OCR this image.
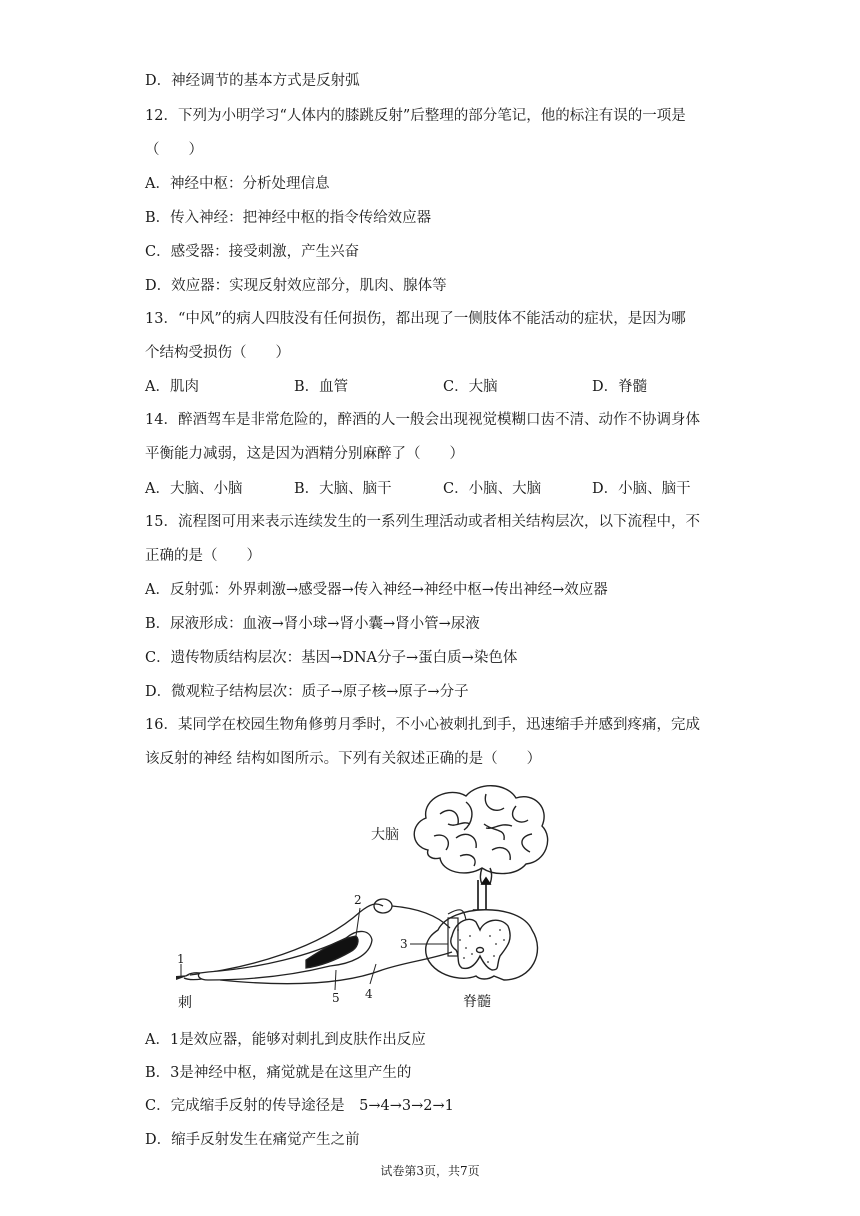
D．神经调节的基本方式是反射弧
12．下列为小明学习“人体内的膝跳反射”后整理的部分笔记，他的标注有误的一项是
（　　）
A．神经中枢：分析处理信息
B．传入神经：把神经中枢的指令传给效应器
C．感受器：接受刺激，产生兴奋
D．效应器：实现反射效应部分，肌肉、腺体等
13．“中风”的病人四肢没有任何损伤，都出现了一侧肢体不能活动的症状，是因为哪
个结构受损伤（　　）
A．肌肉	B．血管	C．大脑	D．脊髓
14．醉酒驾车是非常危险的，醉酒的人一般会出现视觉模糊口齿不清、动作不协调身体
平衡能力减弱，这是因为酒精分别麻醉了（　　）
A．大脑、小脑	B．大脑、脑干	C．小脑、大脑	D．小脑、脑干
15．流程图可用来表示连续发生的一系列生理活动或者相关结构层次，以下流程中，不
正确的是（　　）
A．反射弧：外界刺激→感受器→传入神经→神经中枢→传出神经→效应器
B．尿液形成：血液→肾小球→肾小囊→肾小管→尿液
C．遗传物质结构层次：基因→DNA分子→蛋白质→染色体
D．微观粒子结构层次：质子→原子核→原子→分子
16．某同学在校园生物角修剪月季时，不小心被刺扎到手，迅速缩手并感到疼痛，完成
该反射的神经 结构如图所示。下列有关叙述正确的是（　　）
大脑
脊髓
刺
1
2
3
4
5
A．1是效应器，能够对刺扎到皮肤作出反应
B．3是神经中枢，痛觉就是在这里产生的
C．完成缩手反射的传导途径是　5→4→3→2→1
D．缩手反射发生在痛觉产生之前
试卷第3页，共7页
